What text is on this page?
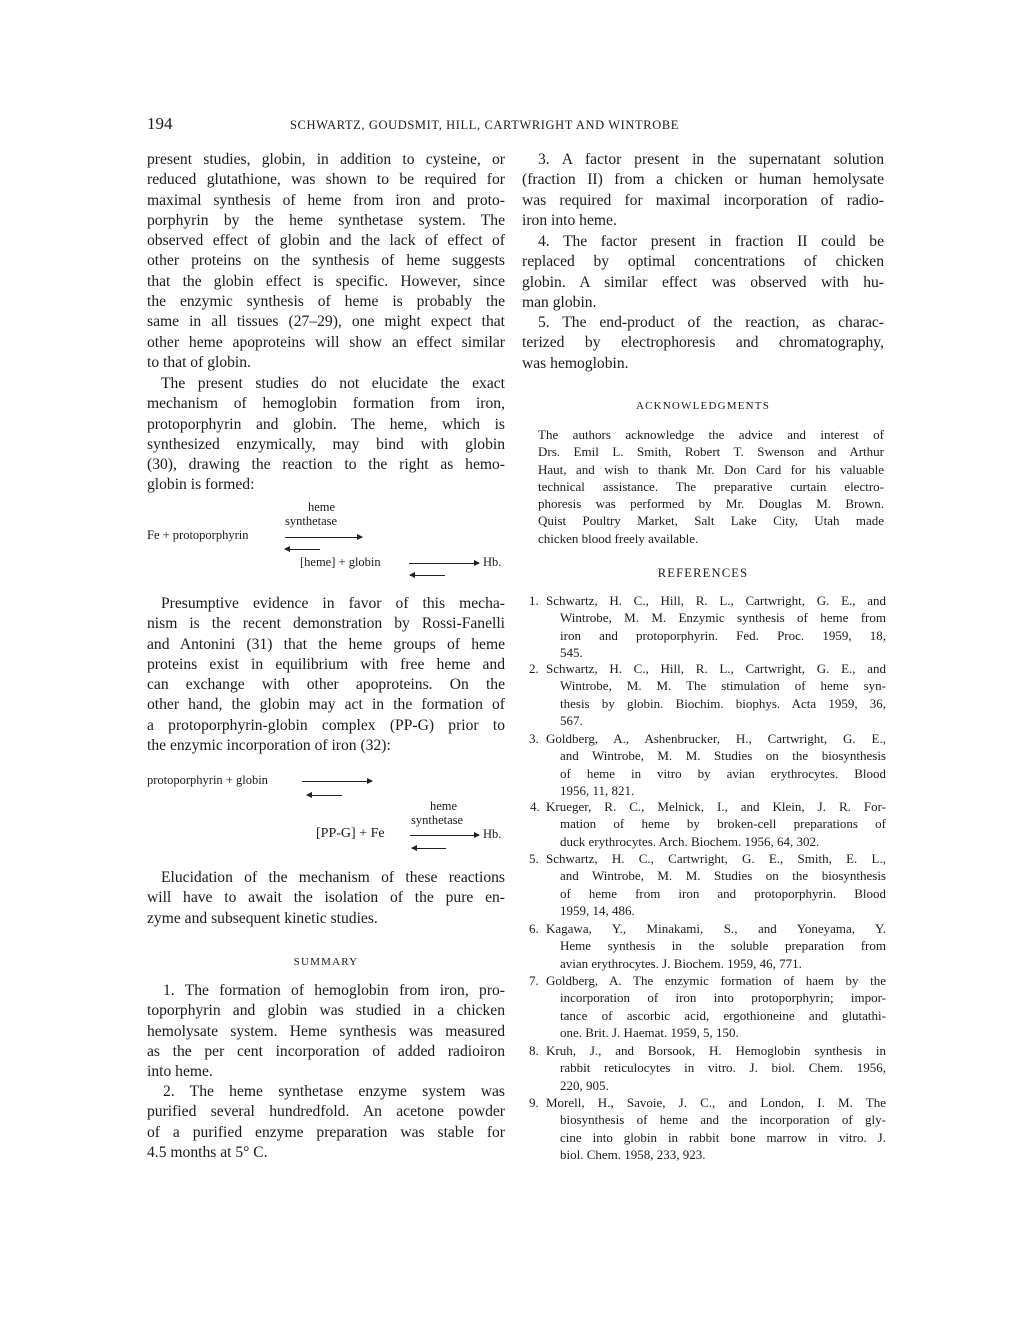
194	SCHWARTZ, GOUDSMIT, HILL, CARTWRIGHT AND WINTROBE
present studies, globin, in addition to cysteine, or
reduced glutathione, was shown to be required for
maximal synthesis of heme from iron and proto-
porphyrin by the heme synthetase system. The
observed effect of globin and the lack of effect of
other proteins on the synthesis of heme suggests
that the globin effect is specific. However, since
the enzymic synthesis of heme is probably the
same in all tissues (27–29), one might expect that
other heme apoproteins will show an effect similar
to that of globin.
The present studies do not elucidate the exact
mechanism of hemoglobin formation from iron,
protoporphyrin and globin. The heme, which is
synthesized enzymically, may bind with globin
(30), drawing the reaction to the right as hemo-
globin is formed:
Presumptive evidence in favor of this mecha-
nism is the recent demonstration by Rossi-Fanelli
and Antonini (31) that the heme groups of heme
proteins exist in equilibrium with free heme and
can exchange with other apoproteins. On the
other hand, the globin may act in the formation of
a protoporphyrin-globin complex (PP-G) prior to
the enzymic incorporation of iron (32):
Elucidation of the mechanism of these reactions
will have to await the isolation of the pure en-
zyme and subsequent kinetic studies.
1. The formation of hemoglobin from iron, pro-
toporphyrin and globin was studied in a chicken
hemolysate system. Heme synthesis was measured
as the per cent incorporation of added radioiron
into heme.
2. The heme synthetase enzyme system was
purified several hundredfold. An acetone powder
of a purified enzyme preparation was stable for
4.5 months at 5° C.
3. A factor present in the supernatant solution
(fraction II) from a chicken or human hemolysate
was required for maximal incorporation of radio-
iron into heme.
4. The factor present in fraction II could be
replaced by optimal concentrations of chicken
globin. A similar effect was observed with hu-
man globin.
5. The end-product of the reaction, as charac-
terized by electrophoresis and chromatography,
was hemoglobin.
The authors acknowledge the advice and interest of
Drs. Emil L. Smith, Robert T. Swenson and Arthur
Haut, and wish to thank Mr. Don Card for his valuable
technical assistance. The preparative curtain electro-
phoresis was performed by Mr. Douglas M. Brown.
Quist Poultry Market, Salt Lake City, Utah made
chicken blood freely available.
1. Schwartz, H. C., Hill, R. L., Cartwright, G. E., and
Wintrobe, M. M. Enzymic synthesis of heme from
iron and protoporphyrin. Fed. Proc. 1959, 18,
545.
2. Schwartz, H. C., Hill, R. L., Cartwright, G. E., and
Wintrobe, M. M. The stimulation of heme syn-
thesis by globin. Biochim. biophys. Acta 1959, 36,
567.
3. Goldberg, A., Ashenbrucker, H., Cartwright, G. E.,
and Wintrobe, M. M. Studies on the biosynthesis
of heme in vitro by avian erythrocytes. Blood
1956, 11, 821.
4. Krueger, R. C., Melnick, I., and Klein, J. R. For-
mation of heme by broken-cell preparations of
duck erythrocytes. Arch. Biochem. 1956, 64, 302.
5. Schwartz, H. C., Cartwright, G. E., Smith, E. L.,
and Wintrobe, M. M. Studies on the biosynthesis
of heme from iron and protoporphyrin. Blood
1959, 14, 486.
6. Kagawa, Y., Minakami, S., and Yoneyama, Y.
Heme synthesis in the soluble preparation from
avian erythrocytes. J. Biochem. 1959, 46, 771.
7. Goldberg, A. The enzymic formation of haem by the
incorporation of iron into protoporphyrin; impor-
tance of ascorbic acid, ergothioneine and glutathi-
one. Brit. J. Haemat. 1959, 5, 150.
8. Kruh, J., and Borsook, H. Hemoglobin synthesis in
rabbit reticulocytes in vitro. J. biol. Chem. 1956,
220, 905.
9. Morell, H., Savoie, J. C., and London, I. M. The
biosynthesis of heme and the incorporation of gly-
cine into globin in rabbit bone marrow in vitro. J.
biol. Chem. 1958, 233, 923.
heme
synthetase
Fe + protoporphyrin
[heme] + globin	Hb.
protoporphyrin + globin
heme
synthetase
[PP-G] + Fe	Hb.
SUMMARY
ACKNOWLEDGMENTS
REFERENCES
